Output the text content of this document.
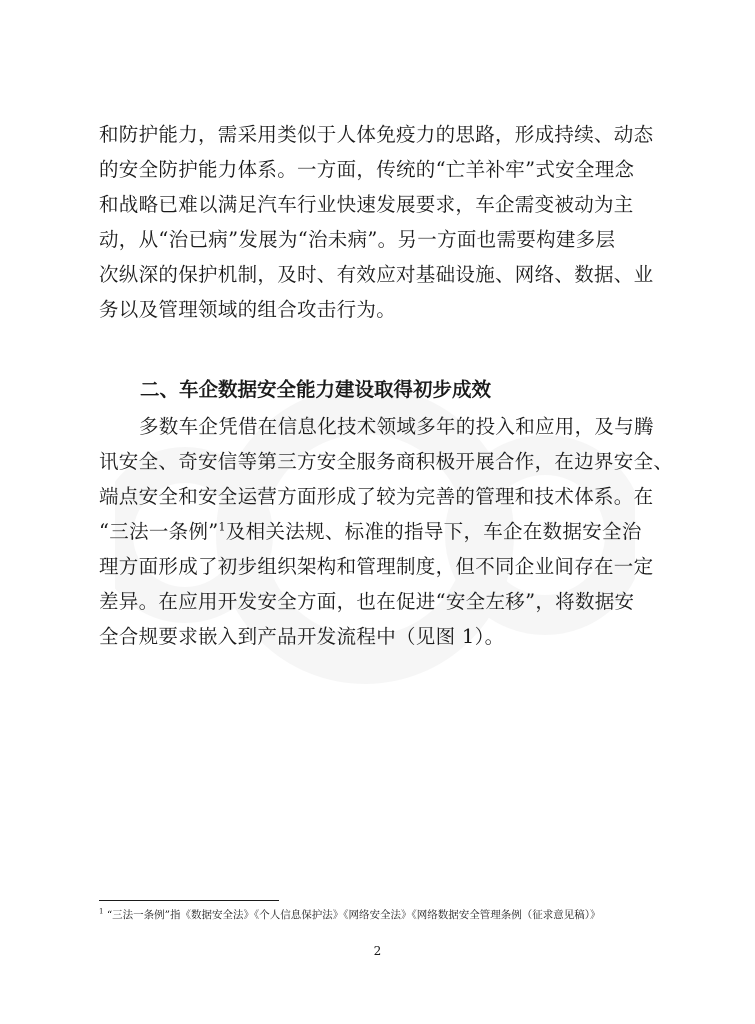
和防护能力，需采用类似于人体免疫力的思路，形成持续、动态
的安全防护能力体系。一方面，传统的“亡羊补牢”式安全理念
和战略已难以满足汽车行业快速发展要求，车企需变被动为主
动，从“治已病”发展为“治未病”。另一方面也需要构建多层
次纵深的保护机制，及时、有效应对基础设施、网络、数据、业
务以及管理领域的组合攻击行为。

二、车企数据安全能力建设取得初步成效

多数车企凭借在信息化技术领域多年的投入和应用，及与腾
讯安全、奇安信等第三方安全服务商积极开展合作，在边界安全、
端点安全和安全运营方面形成了较为完善的管理和技术体系。在
“三法一条例”$^1$及相关法规、标准的指导下，车企在数据安全治
理方面形成了初步组织架构和管理制度，但不同企业间存在一定
差异。在应用开发安全方面，也在促进“安全左移”，将数据安
全合规要求嵌入到产品开发流程中（见图 1）。

$^1$ “三法一条例”指《数据安全法》《个人信息保护法》《网络安全法》《网络数据安全管理条例（征求意见稿）》
2
